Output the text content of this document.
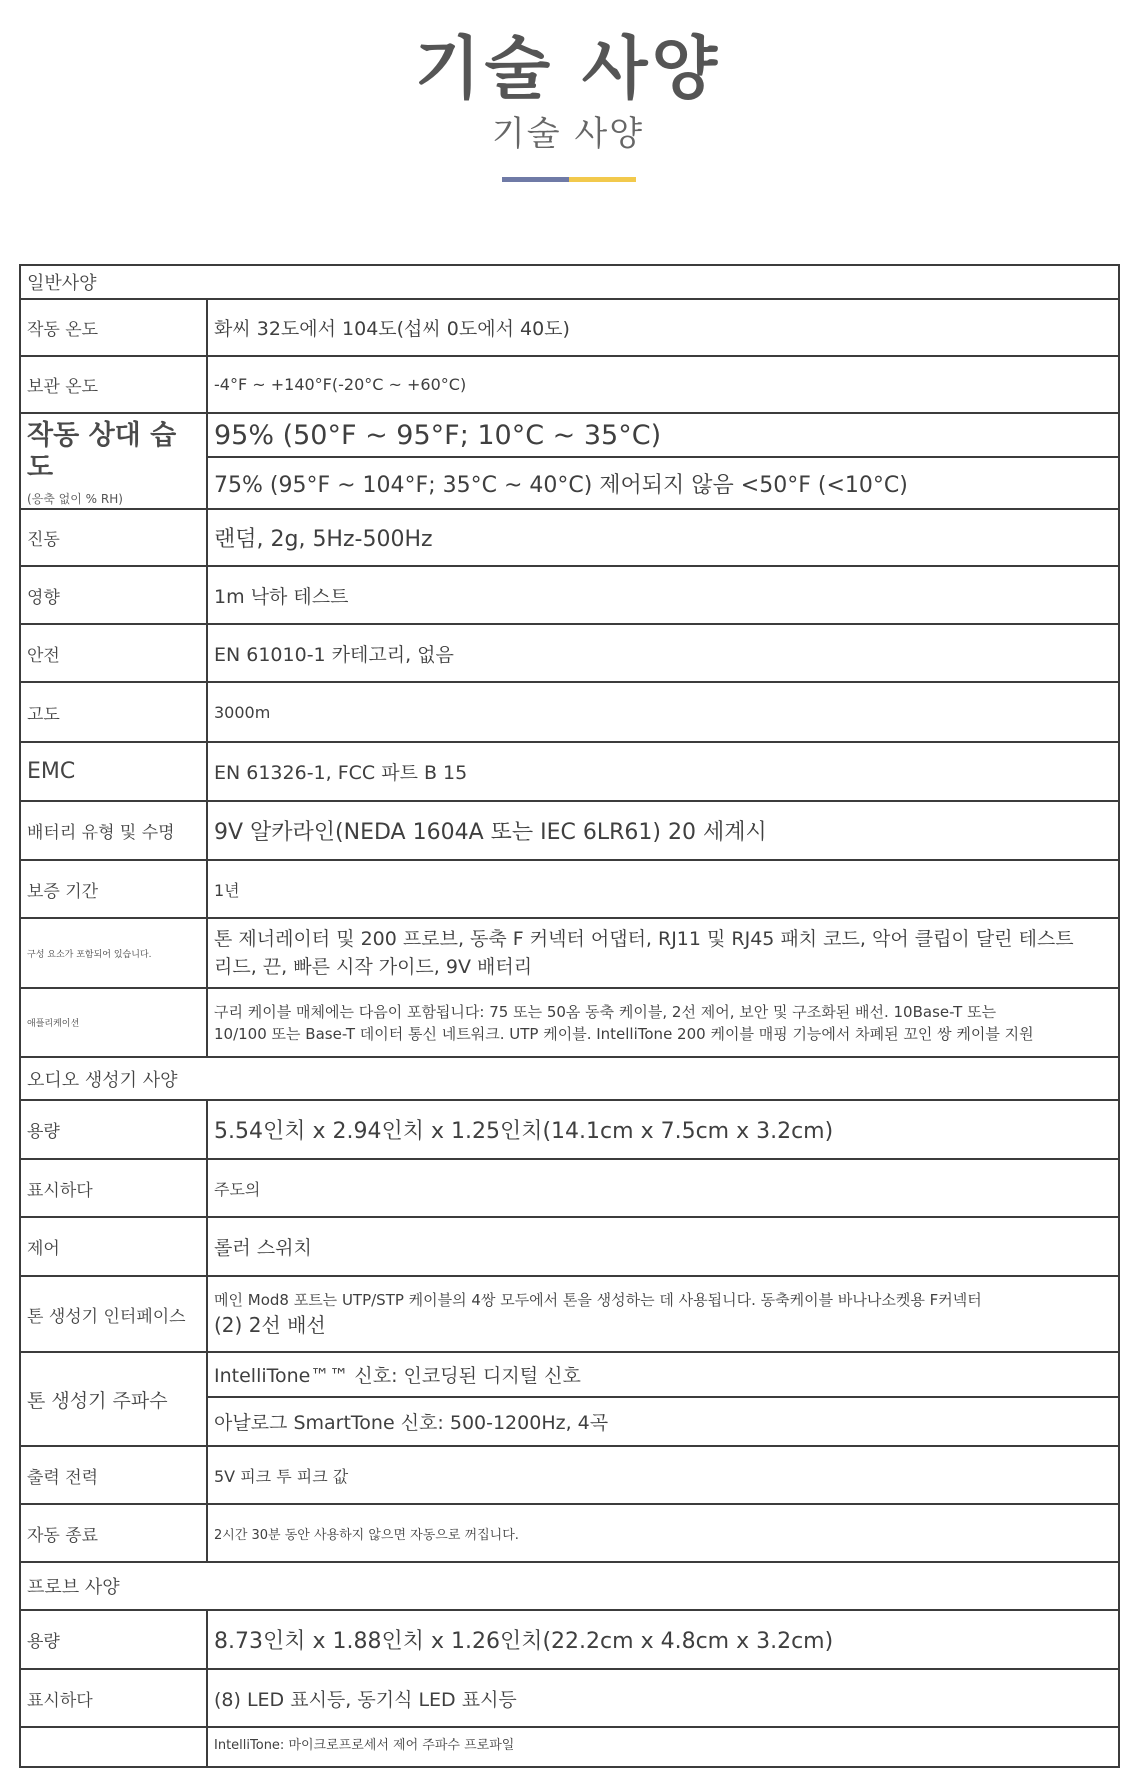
기술 사양
기술 사양
일반사양	
작동 온도	화씨 32도에서 104도(섭씨 0도에서 40도)
보관 온도	-4°F ~ +140°F(-20°C ~ +60°C)

작동 상대 습도
(응축 없이 % RH)	95% (50°F ~ 95°F; 10°C ~ 35°C)
	75% (95°F ~ 104°F; 35°C ~ 40°C) 제어되지 않음 <50°F (<10°C)
진동	랜덤, 2g, 5Hz-500Hz
영향	1m 낙하 테스트
안전	EN 61010-1 카테고리, 없음
고도	3000m
EMC	EN 61326-1, FCC 파트 B 15
배터리 유형 및 수명	9V 알카라인(NEDA 1604A 또는 IEC 6LR61) 20 세계시
보증 기간	1년
구성 요소가 포함되어 있습니다.	톤 제너레이터 및 200 프로브, 동축 F 커넥터 어댑터, RJ11 및 RJ45 패치 코드, 악어 클립이 달린 테스트
리드, 끈, 빠른 시작 가이드, 9V 배터리

애플리케이션	구리 케이블 매체에는 다음이 포함됩니다: 75 또는 50옴 동축 케이블, 2선 제어, 보안 및 구조화된 배선. 10Base-T 또는
10/100 또는 Base-T 데이터 통신 네트워크. UTP 케이블. IntelliTone 200 케이블 매핑 기능에서 차폐된 꼬인 쌍 케이블 지원

오디오 생성기 사양	
용량	5.54인치 x 2.94인치 x 1.25인치(14.1cm x 7.5cm x 3.2cm)
표시하다	주도의
제어	롤러 스위치
톤 생성기 인터페이스	메인 Mod8 포트는 UTP/STP 케이블의 4쌍 모두에서 톤을 생성하는 데 사용됩니다. 동축케이블 바나나소켓용 F커넥터
(2) 2선 배선

톤 생성기 주파수	IntelliTone™™ 신호: 인코딩된 디지털 신호
	아날로그 SmartTone 신호: 500-1200Hz, 4곡
출력 전력	5V 피크 투 피크 값
자동 종료	2시간 30분 동안 사용하지 않으면 자동으로 꺼집니다.
프로브 사양	
용량	8.73인치 x 1.88인치 x 1.26인치(22.2cm x 4.8cm x 3.2cm)
표시하다	(8) LED 표시등, 동기식 LED 표시등
	IntelliTone: 마이크로프로세서 제어 주파수 프로파일
